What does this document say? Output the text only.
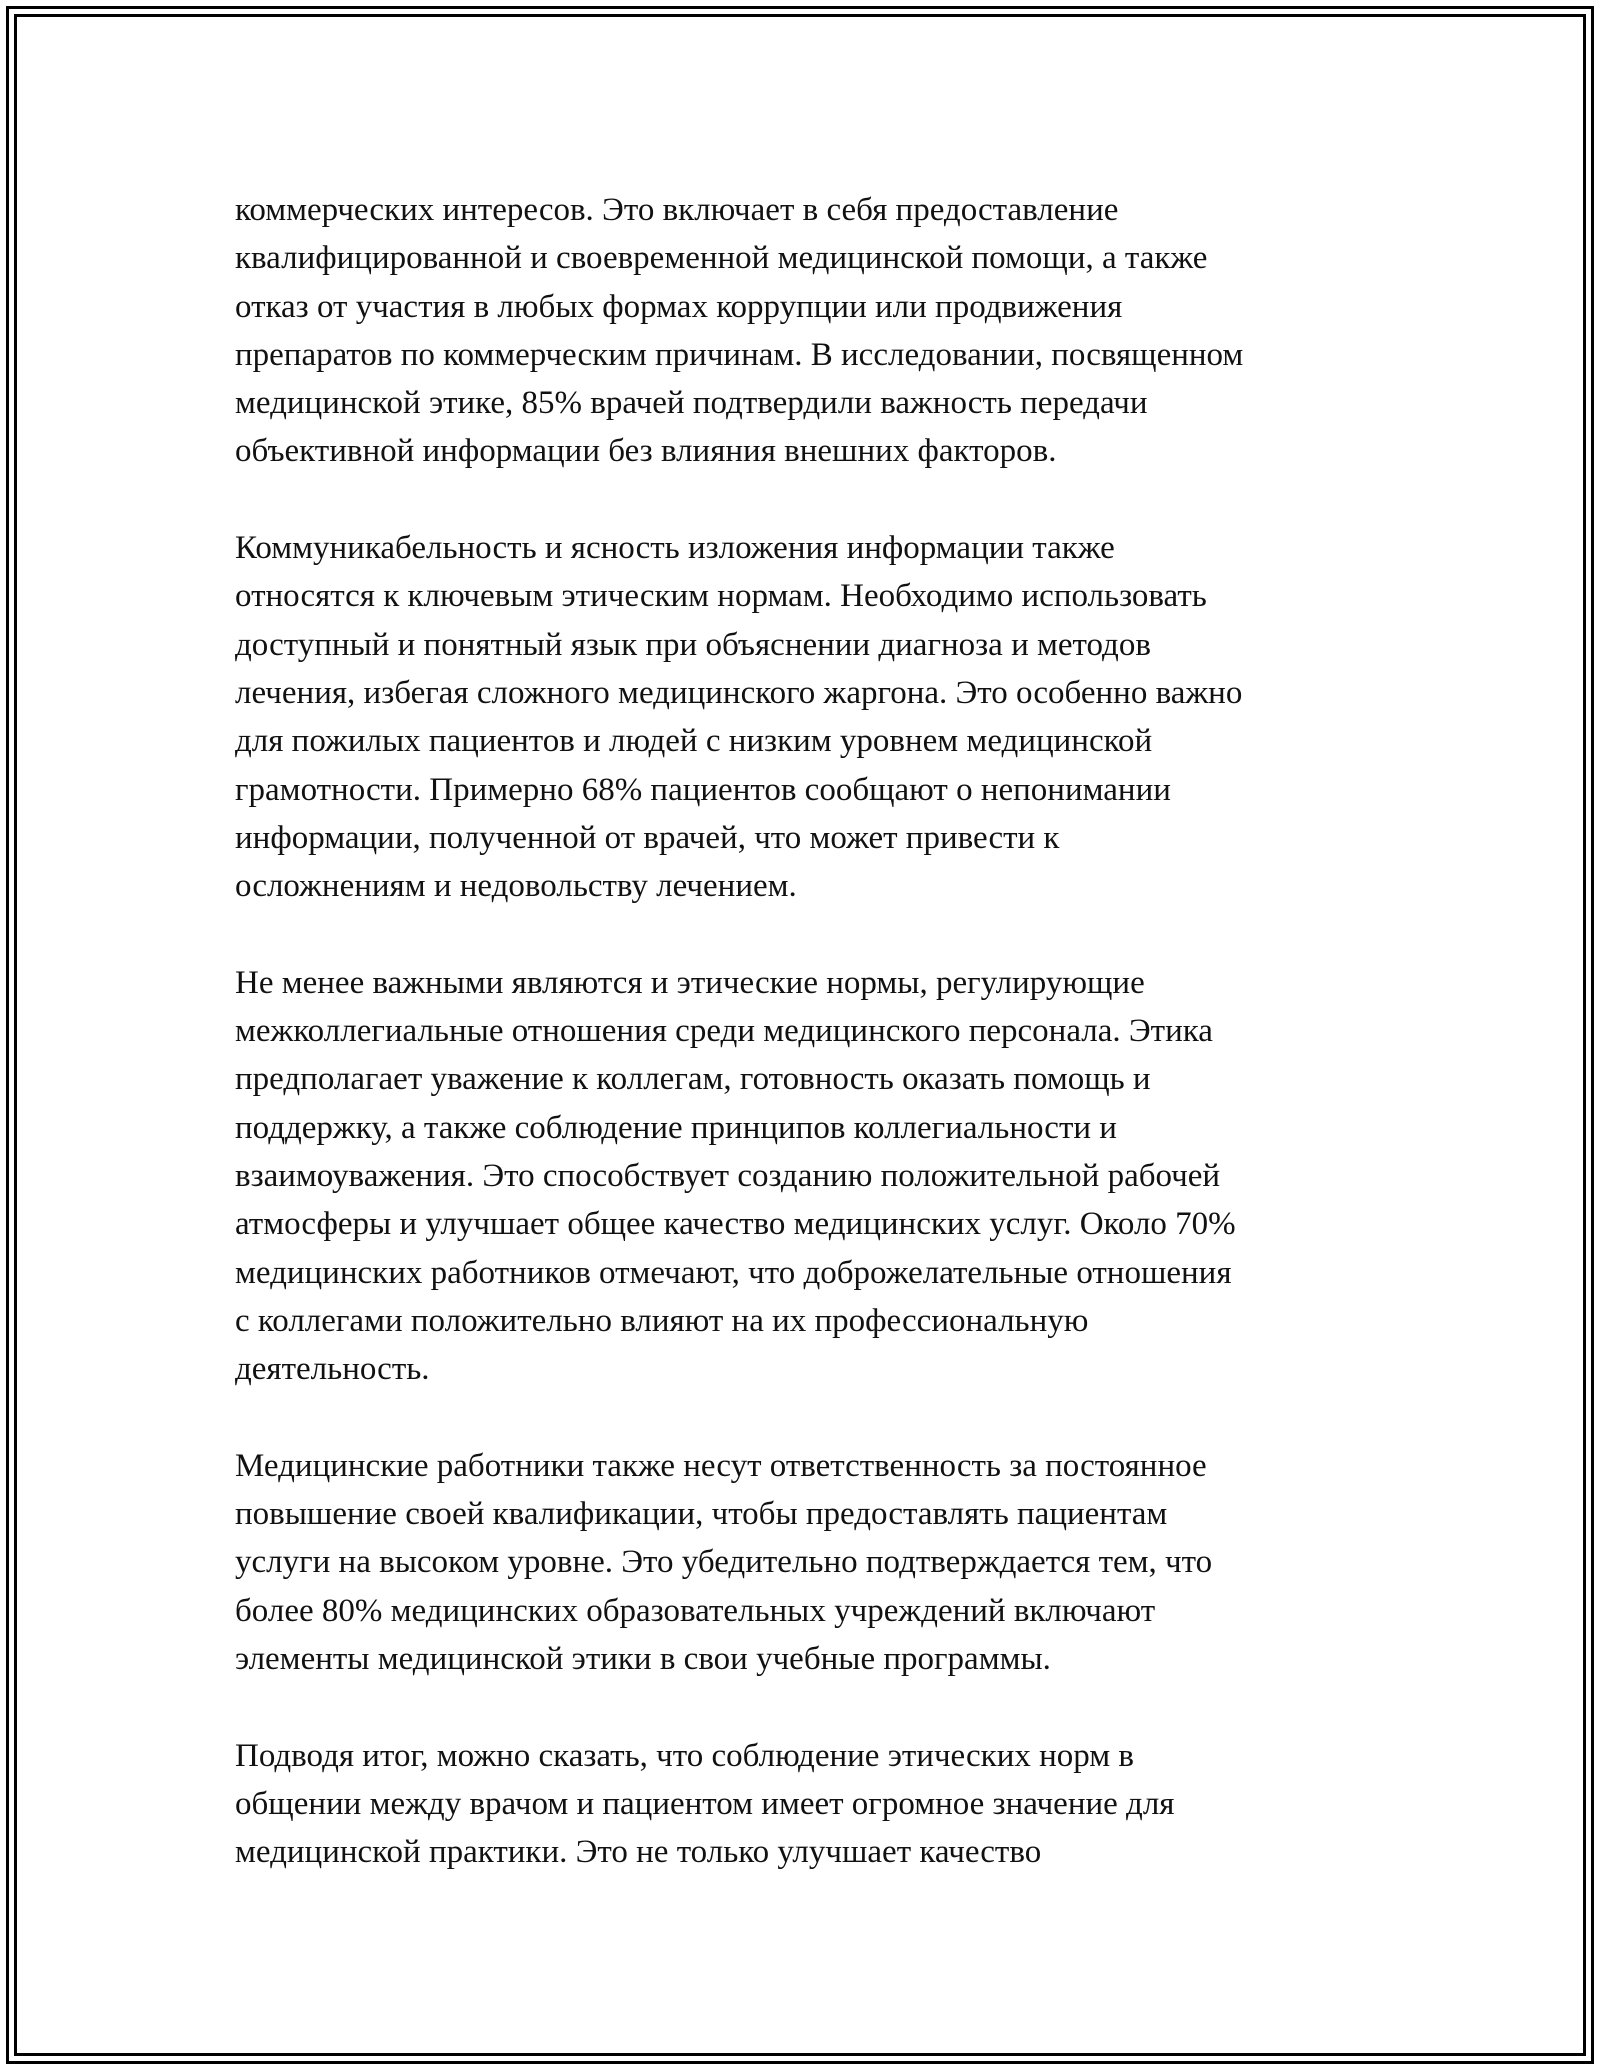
коммерческих интересов. Это включает в себя предоставление
квалифицированной и своевременной медицинской помощи, а также
отказ от участия в любых формах коррупции или продвижения
препаратов по коммерческим причинам. В исследовании, посвященном
медицинской этике, 85% врачей подтвердили важность передачи
объективной информации без влияния внешних факторов.

Коммуникабельность и ясность изложения информации также
относятся к ключевым этическим нормам. Необходимо использовать
доступный и понятный язык при объяснении диагноза и методов
лечения, избегая сложного медицинского жаргона. Это особенно важно
для пожилых пациентов и людей с низким уровнем медицинской
грамотности. Примерно 68% пациентов сообщают о непонимании
информации, полученной от врачей, что может привести к
осложнениям и недовольству лечением.

Не менее важными являются и этические нормы, регулирующие
межколлегиальные отношения среди медицинского персонала. Этика
предполагает уважение к коллегам, готовность оказать помощь и
поддержку, а также соблюдение принципов коллегиальности и
взаимоуважения. Это способствует созданию положительной рабочей
атмосферы и улучшает общее качество медицинских услуг. Около 70%
медицинских работников отмечают, что доброжелательные отношения
с коллегами положительно влияют на их профессиональную
деятельность.

Медицинские работники также несут ответственность за постоянное
повышение своей квалификации, чтобы предоставлять пациентам
услуги на высоком уровне. Это убедительно подтверждается тем, что
более 80% медицинских образовательных учреждений включают
элементы медицинской этики в свои учебные программы.

Подводя итог, можно сказать, что соблюдение этических норм в
общении между врачом и пациентом имеет огромное значение для
медицинской практики. Это не только улучшает качество
